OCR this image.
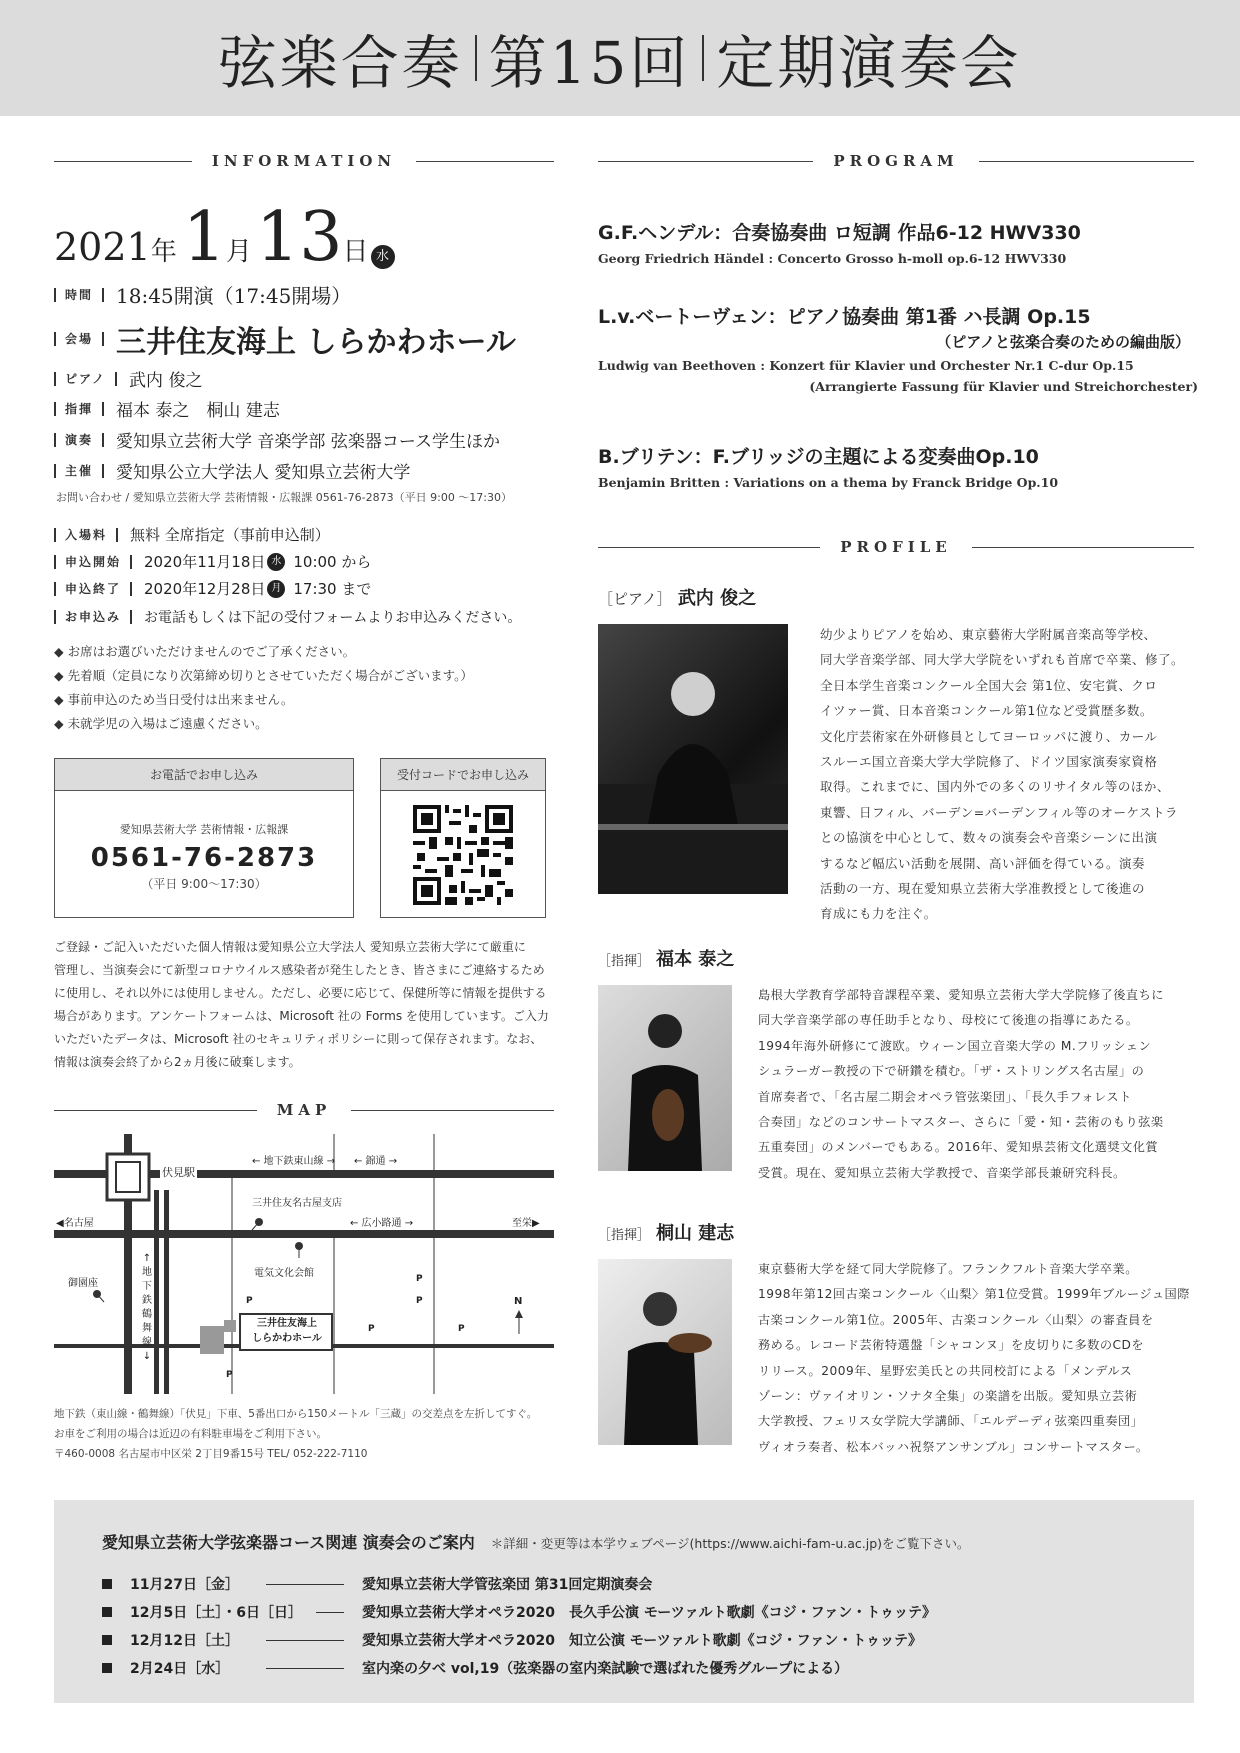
弦楽合奏 第15回 定期演奏会
INFORMATION
2021 年 1 月 13 日 水
時間	18:45開演（17:45開場）
会場 三井住友海上 しらかわホール
ピアノ	武内 俊之
指揮	福本 泰之　桐山 建志
演奏	愛知県立芸術大学 音楽学部 弦楽器コース学生ほか
主催	愛知県公立大学法人 愛知県立芸術大学
お問い合わせ / 愛知県立芸術大学 芸術情報・広報課 0561-76-2873（平日 9:00 ～17:30）
入場料	無料 全席指定（事前申込制）
申込開始	2020年11月18日 水 10:00 から
申込終了	2020年12月28日 月 17:30 まで
お申込み	お電話もしくは下記の受付フォームよりお申込みください。
◆ お席はお選びいただけませんのでご了承ください。
◆ 先着順（定員になり次第締め切りとさせていただく場合がございます。）
◆ 事前申込のため当日受付は出来ません。
◆ 未就学児の入場はご遠慮ください。
お電話でお申し込み
愛知県芸術大学 芸術情報・広報課
0561-76-2873
（平日 9:00〜17:30）
受付コードでお申し込み
ご登録・ご記入いただいた個人情報は愛知県公立大学法人 愛知県立芸術大学にて厳重に
管理し、当演奏会にて新型コロナウイルス感染者が発生したとき、皆さまにご連絡するため
に使用し、それ以外には使用しません。ただし、必要に応じて、保健所等に情報を提供する
場合があります。アンケートフォームは、Microsoft 社の Forms を使用しています。ご入力
いただいたデータは、Microsoft 社のセキュリティポリシーに則って保存されます。なお、
情報は演奏会終了から2ヵ月後に破棄します。
MAP
伏見駅
← 地下鉄東山線 → ← 錦通 →
◀名古屋	至栄▶
← 広小路通 →
三井住友名古屋支店
電気文化会館
御園座
↑
地
下
鉄
鶴
舞
線
↓
三井住友海上
しらかわホール
P
P
P
P	P
P
N
地下鉄（東山線・鶴舞線）「伏見」下車、5番出口から150メートル「三蔵」の交差点を左折してすぐ。
お車をご利用の場合は近辺の有料駐車場をご利用下さい。
〒460-0008 名古屋市中区栄 2丁目9番15号 TEL/ 052-222-7110
PROGRAM
G.F.ヘンデル：合奏協奏曲 ロ短調 作品6-12 HWV330
Georg Friedrich Händel : Concerto Grosso h-moll op.6-12 HWV330
L.v.ベートーヴェン：ピアノ協奏曲 第1番 ハ長調 Op.15
（ピアノと弦楽合奏のための編曲版）
Ludwig van Beethoven : Konzert für Klavier und Orchester Nr.1 C-dur Op.15
(Arrangierte Fassung für Klavier und Streichorchester)
B.ブリテン：F.ブリッジの主題による変奏曲Op.10
Benjamin Britten : Variations on a thema by Franck Bridge Op.10
PROFILE
［ピアノ］ 武内 俊之
幼少よりピアノを始め、東京藝術大学附属音楽高等学校、
同大学音楽学部、同大学大学院をいずれも首席で卒業、修了。
全日本学生音楽コンクール全国大会 第1位、安宅賞、クロ
イツァー賞、日本音楽コンクール第1位など受賞歴多数。
文化庁芸術家在外研修員としてヨーロッパに渡り、カール
スルーエ国立音楽大学大学院修了、ドイツ国家演奏家資格
取得。これまでに、国内外での多くのリサイタル等のほか、
東響、日フィル、バーデン=バーデンフィル等のオーケストラ
との協演を中心として、数々の演奏会や音楽シーンに出演
するなど幅広い活動を展開、高い評価を得ている。演奏
活動の一方、現在愛知県立芸術大学准教授として後進の
育成にも力を注ぐ。
［指揮］ 福本 泰之
島根大学教育学部特音課程卒業、愛知県立芸術大学大学院修了後直ちに
同大学音楽学部の専任助手となり、母校にて後進の指導にあたる。
1994年海外研修にて渡欧。ウィーン国立音楽大学の M.フリッシェン
シュラーガー教授の下で研鑽を積む。「ザ・ストリングス名古屋」の
首席奏者で、「名古屋二期会オペラ管弦楽団」、「長久手フォレスト
合奏団」などのコンサートマスター、さらに「愛・知・芸術のもり弦楽
五重奏団」のメンバーでもある。2016年、愛知県芸術文化選奨文化賞
受賞。現在、愛知県立芸術大学教授で、音楽学部長兼研究科長。
［指揮］ 桐山 建志
東京藝術大学を経て同大学院修了。フランクフルト音楽大学卒業。
1998年第12回古楽コンクール〈山梨〉第1位受賞。1999年ブルージュ国際
古楽コンクール第1位。2005年、古楽コンクール〈山梨〉の審査員を
務める。レコード芸術特選盤「シャコンヌ」を皮切りに多数のCDを
リリース。2009年、星野宏美氏との共同校訂による「メンデルス
ゾーン：ヴァイオリン・ソナタ全集」の楽譜を出版。愛知県立芸術
大学教授、フェリス女学院大学講師、「エルデーディ弦楽四重奏団」
ヴィオラ奏者、松本バッハ祝祭アンサンブル」コンサートマスター。
愛知県立芸術大学弦楽器コース関連 演奏会のご案内 ＊詳細・変更等は本学ウェブページ(https://www.aichi-fam-u.ac.jp)をご覧下さい。
11月27日［金］	愛知県立芸術大学管弦楽団 第31回定期演奏会
12月5日［土］・6日［日］	愛知県立芸術大学オペラ2020　長久手公演 モーツァルト歌劇《コジ・ファン・トゥッテ》
12月12日［土］	愛知県立芸術大学オペラ2020　知立公演 モーツァルト歌劇《コジ・ファン・トゥッテ》
2月24日［水］	室内楽の夕べ vol,19（弦楽器の室内楽試験で選ばれた優秀グループによる）
